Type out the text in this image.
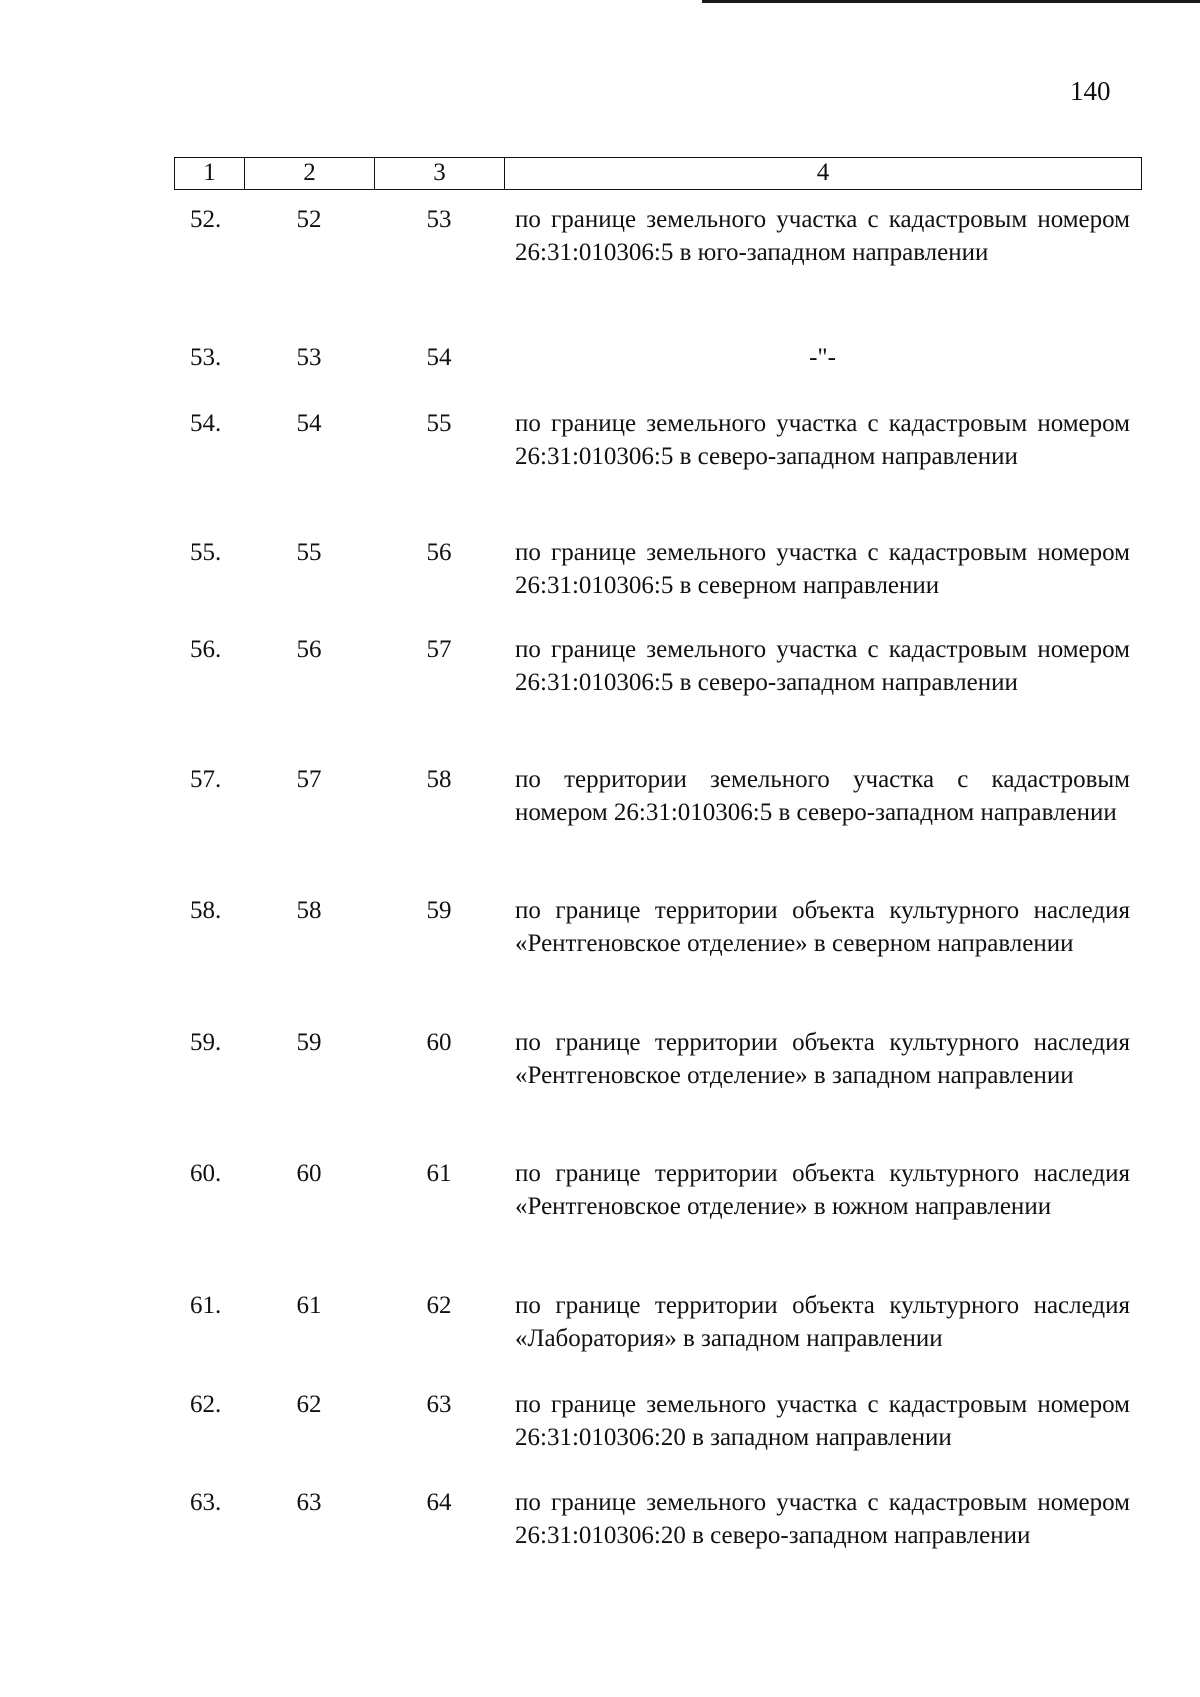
140
1	2	3	4
52.	52	53	по границе земельного участка с кадастровым номером 26:31:010306:5 в юго-западном направлении
53.	53	54	-"-
54.	54	55	по границе земельного участка с кадастровым номером 26:31:010306:5 в северо-западном направлении
55.	55	56	по границе земельного участка с кадастровым номером 26:31:010306:5 в северном направлении
56.	56	57	по границе земельного участка с кадастровым номером 26:31:010306:5 в северо-западном направлении
57.	57	58	по территории земельного участка с кадастровым номером 26:31:010306:5 в северо-западном направлении
58.	58	59	по границе территории объекта культурного наследия «Рентгеновское отделение» в северном направлении
59.	59	60	по границе территории объекта культурного наследия «Рентгеновское отделение» в западном направлении
60.	60	61	по границе территории объекта культурного наследия «Рентгеновское отделение» в южном направлении
61.	61	62	по границе территории объекта культурного наследия «Лаборатория» в западном направлении
62.	62	63	по границе земельного участка с кадастровым номером 26:31:010306:20 в западном направлении
63.	63	64	по границе земельного участка с кадастровым номером 26:31:010306:20 в северо-западном направлении
